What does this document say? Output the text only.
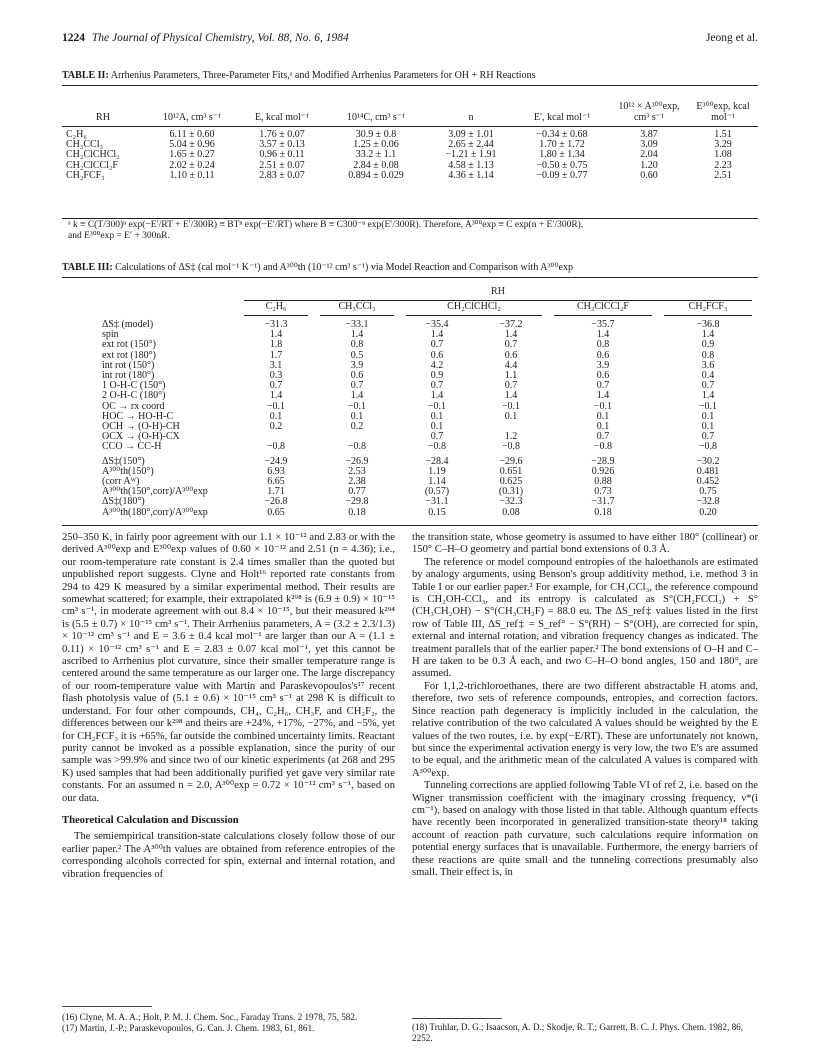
1224 The Journal of Physical Chemistry, Vol. 88, No. 6, 1984	Jeong et al.
TABLE II: Arrhenius Parameters, Three-Parameter Fits,ᵃ and Modified Arrhenius Parameters for OH + RH Reactions
RH	10¹²A, cm³ s⁻¹	E, kcal mol⁻¹	10¹⁴C, cm³ s⁻¹	n	E′, kcal mol⁻¹	10¹² × A³⁰⁰exp, cm³ s⁻¹	E³⁰⁰exp, kcal mol⁻¹
C₂H₆	6.11 ± 0.60	1.76 ± 0.07	30.9 ± 0.8	3.09 ± 1.01	−0.34 ± 0.68	3.87	1.51
CH₃CCl₃	5.04 ± 0.96	3.57 ± 0.13	1.25 ± 0.06	2.65 ± 2.44	1.70 ± 1.72	3.09	3.29
CH₂ClCHCl₂	1.65 ± 0.27	0.96 ± 0.11	33.2 ± 1.1	−1.21 ± 1.91	1.80 ± 1.34	2.04	1.08
CH₂ClCCl₂F	2.02 ± 0.24	2.51 ± 0.07	2.84 ± 0.08	4.58 ± 1.13	−0.50 ± 0.75	1.20	2.23
CH₂FCF₃	1.10 ± 0.11	2.83 ± 0.07	0.894 ± 0.029	4.36 ± 1.14	−0.09 ± 0.77	0.60	2.51
ᵃ k ≡ C(T/300)ⁿ exp(−E′/RT + E′/300R) ≡ BTⁿ exp(−E′/RT) where B ≡ C300⁻ⁿ exp(E′/300R). Therefore, A³⁰⁰exp ≡ C exp(n + E′/300R),
and E³⁰⁰exp = E′ + 300nR.
TABLE III: Calculations of ΔS‡ (cal mol⁻¹ K⁻¹) and A³⁰⁰th (10⁻¹² cm³ s⁻¹) via Model Reaction and Comparison with A³⁰⁰exp

	RH					

	C₂H₆	CH₃CCl₃	CH₂ClCHCl₂		CH₂ClCCl₂F	CH₂FCF₃

ΔS‡ (model)	−31.3	−33.1	−35.4	−37.2	−35.7	−36.8
spin	1.4	1.4	1.4	1.4	1.4	1.4
ext rot (150°)	1.8	0.8	0.7	0.7	0.8	0.9
ext rot (180°)	1.7	0.5	0.6	0.6	0.6	0.8
int rot (150°)	3.1	3.9	4.2	4.4	3.9	3.6
int rot (180°)	0.3	0.6	0.9	1.1	0.6	0.4
1 O-H-C (150°)	0.7	0.7	0.7	0.7	0.7	0.7
2 O-H-C (180°)	1.4	1.4	1.4	1.4	1.4	1.4
OC → rx coord	−0.1	−0.1	−0.1	−0.1	−0.1	−0.1
HOC → HO-H-C	0.1	0.1	0.1	0.1	0.1	0.1
OCH → (O-H)-CH	0.2	0.2	0.1		0.1	0.1
OCX → (O-H)-CX			0.7	1.2	0.7	0.7
CCO → CC-H	−0.8	−0.8	−0.8	−0.8	−0.8	−0.8
ΔS‡(150°)	−24.9	−26.9	−28.4	−29.6	−28.9	−30.2
A³⁰⁰th(150°)	6.93	2.53	1.19	0.651	0.926	0.481
(corr Aᵂ)	6.65	2.38	1.14	0.625	0.88	0.452
A³⁰⁰th(150°,corr)/A³⁰⁰exp	1.71	0.77	(0.57)	(0.31)	0.73	0.75
ΔS‡(180°)	−26.8	−29.8	−31.1	−32.3	−31.7	−32.8
A³⁰⁰th(180°,corr)/A³⁰⁰exp	0.65	0.18	0.15	0.08	0.18	0.20

250–350 K, in fairly poor agreement with our 1.1 × 10⁻¹² and 2.83 or with the derived A³⁰⁰exp and E³⁰⁰exp values of 0.60 × 10⁻¹² and 2.51 (n = 4.36); i.e., our room-temperature rate constant is 2.4 times smaller than the quoted but unpublished report suggests. Clyne and Holt¹⁶ reported rate constants from 294 to 429 K measured by a similar experimental method. Their results are somewhat scattered; for example, their extrapolated k²⁹⁸ is (6.9 ± 0.9) × 10⁻¹⁵ cm³ s⁻¹, in moderate agreement with out 8.4 × 10⁻¹⁵, but their measured k²⁹⁴ is (5.5 ± 0.7) × 10⁻¹⁵ cm³ s⁻¹. Their Arrhenius parameters, A = (3.2 ± 2.3/1.3) × 10⁻¹² cm³ s⁻¹ and E = 3.6 ± 0.4 kcal mol⁻¹ are larger than our A = (1.1 ± 0.11) × 10⁻¹² cm³ s⁻¹ and E = 2.83 ± 0.07 kcal mol⁻¹, yet this cannot be ascribed to Arrhenius plot curvature, since their smaller temperature range is centered around the same temperature as our larger one. The large discrepancy of our room-temperature value with Martin and Paraskevopoulos's¹⁷ recent flash photolysis value of (5.1 ± 0.6) × 10⁻¹⁵ cm³ s⁻¹ at 298 K is difficult to understand. For four other compounds, CH₄, C₂H₆, CH₃F, and CH₂F₂, the differences between our k²⁹⁸ and theirs are +24%, +17%, −27%, and −5%, yet for CH₂FCF₃ it is +65%, far outside the combined uncertainty limits. Reactant purity cannot be invoked as a possible explanation, since the purity of our sample was >99.9% and since two of our kinetic experiments (at 268 and 295 K) used samples that had been additionally purified yet gave very similar rate constants. For an assumed n = 2.0, A³⁰⁰exp = 0.72 × 10⁻¹² cm³ s⁻¹, based on our data.

Theoretical Calculation and Discussion

The semiempirical transition-state calculations closely follow those of our earlier paper.² The A³⁰⁰th values are obtained from reference entropies of the corresponding alcohols corrected for spin, external and internal rotation, and vibration frequencies of

(16) Clyne, M. A. A.; Holt, P. M. J. Chem. Soc., Faraday Trans. 2 1978, 75, 582.
(17) Martin, J.-P.; Paraskevopoulos, G. Can. J. Chem. 1983, 61, 861.

the transition state, whose geometry is assumed to have either 180° (collinear) or 150° C–H–O geometry and partial bond extensions of 0.3 Å.

The reference or model compound entropies of the haloethanols are estimated by analogy arguments, using Benson's group additivity method, i.e. method 3 in Table I or our earlier paper.² For example, for CH₃CCl₃, the reference compound is CH₂OH-CCl₃, and its entropy is calculated as S°(CH₂FCCl₃) + S°(CH₃CH₂OH) − S°(CH₃CH₂F) = 88.0 eu. The ΔS_ref‡ values listed in the first row of Table III, ΔS_ref‡ = S_ref° − S°(RH) − S°(OH), are corrected for spin, external and internal rotation, and vibration frequency changes as indicated. The treatment parallels that of the earlier paper.² The bond extensions of O–H and C–H are taken to be 0.3 Å each, and two C–H–O bond angles, 150 and 180°, are assumed.

For 1,1,2-trichloroethanes, there are two different abstractable H atoms and, therefore, two sets of reference compounds, entropies, and correction factors. Since reaction path degeneracy is implicitly included in the calculation, the relative contribution of the two calculated A values should be weighted by the E values of the two routes, i.e. by exp(−E/RT). These are unfortunately not known, but since the experimental activation energy is very low, the two E's are assumed to be equal, and the arithmetic mean of the calculated A values is compared with A³⁰⁰exp.

Tunneling corrections are applied following Table VI of ref 2, i.e. based on the Wigner transmission coefficient with the imaginary crossing frequency, ν*(i cm⁻¹), based on analogy with those listed in that table. Although quantum effects have recently been incorporated in generalized transition-state theory¹⁸ taking account of reaction path curvature, such calculations require information on potential energy surfaces that is unavailable. Furthermore, the energy barriers of these reactions are quite small and the tunneling corrections presumably also small. Their effect is, in

(18) Truhlar, D. G.; Isaacson, A. D.; Skodje, R. T.; Garrett, B. C. J. Phys. Chem. 1982, 86, 2252.
